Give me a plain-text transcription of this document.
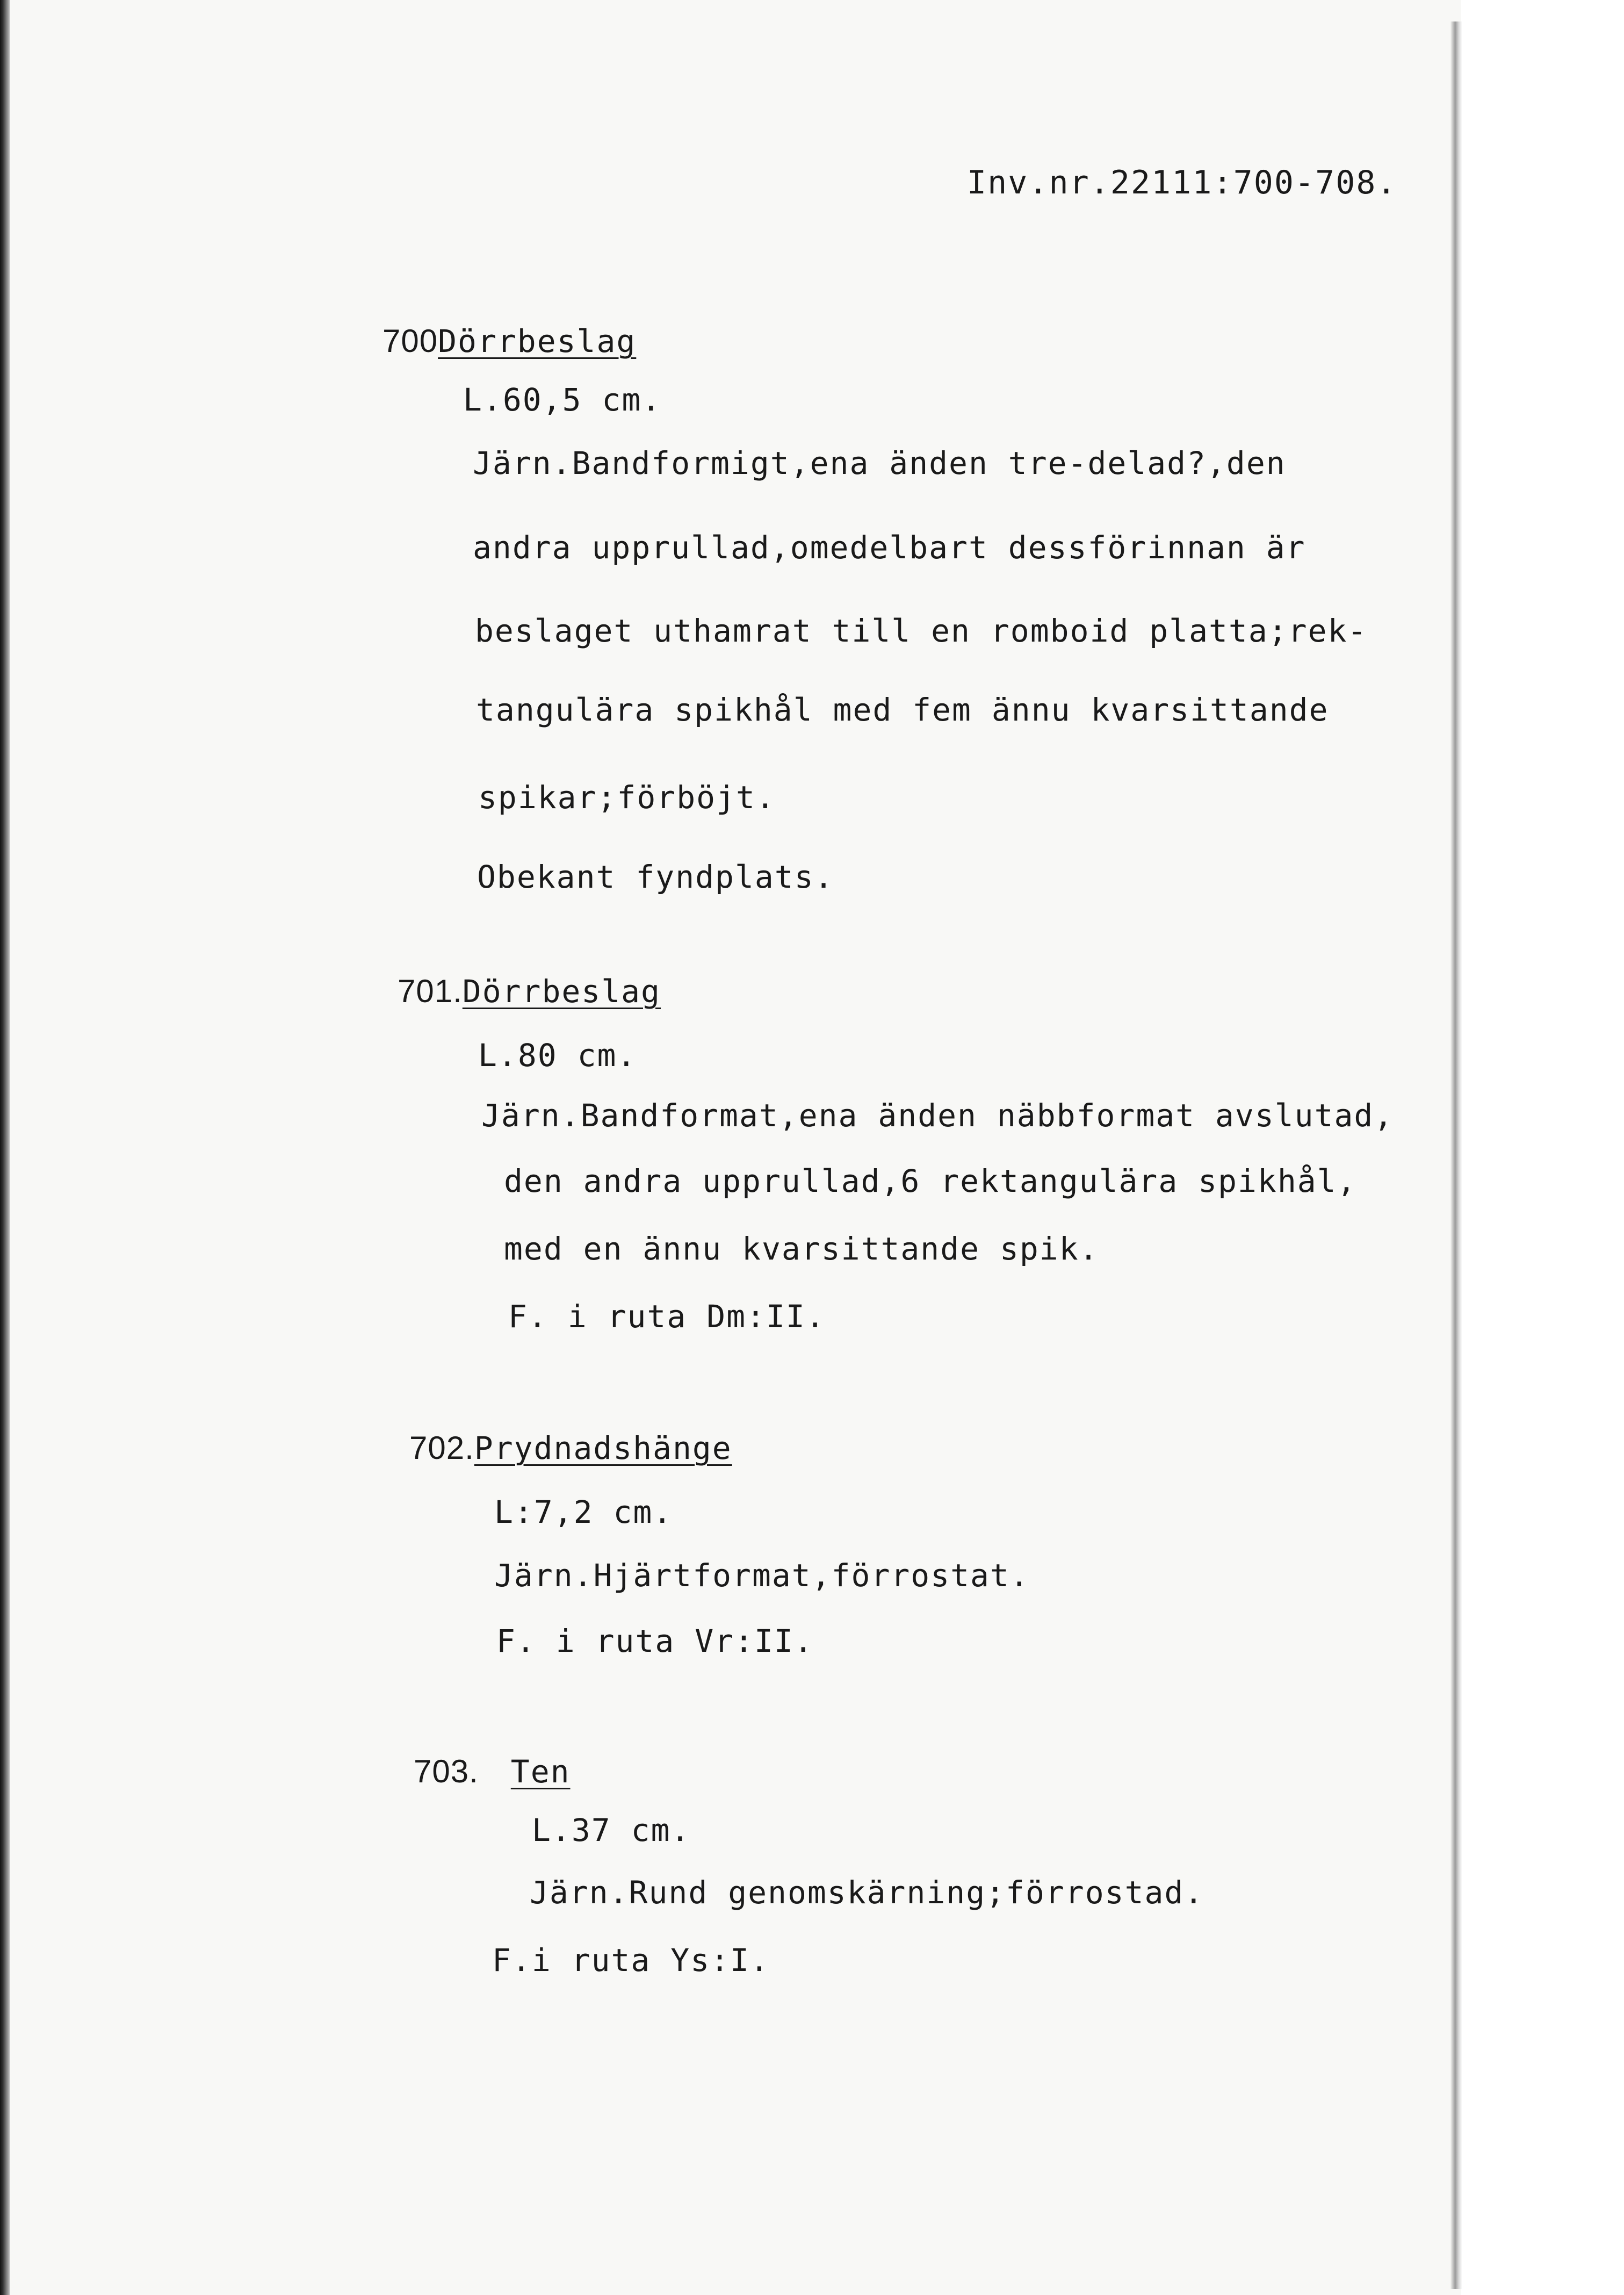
Inv.nr.22111:700-708.
700Dörrbeslag
L.60,5 cm.
Järn.Bandformigt,ena änden tre-delad?,den
andra upprullad,omedelbart dessförinnan är
beslaget uthamrat till en romboid platta;rek-
tangulära spikhål med fem ännu kvarsittande
spikar;förböjt.
Obekant fyndplats.
701.Dörrbeslag
L.80 cm.
Järn.Bandformat,ena änden näbbformat avslutad,
den andra upprullad,6 rektangulära spikhål,
med en ännu kvarsittande spik.
F. i ruta Dm:II.
702.Prydnadshänge
L:7,2 cm.
Järn.Hjärtformat,förrostat.
F. i ruta Vr:II.
703. Ten
L.37 cm.
Järn.Rund genomskärning;förrostad.
F.i ruta Ys:I.
